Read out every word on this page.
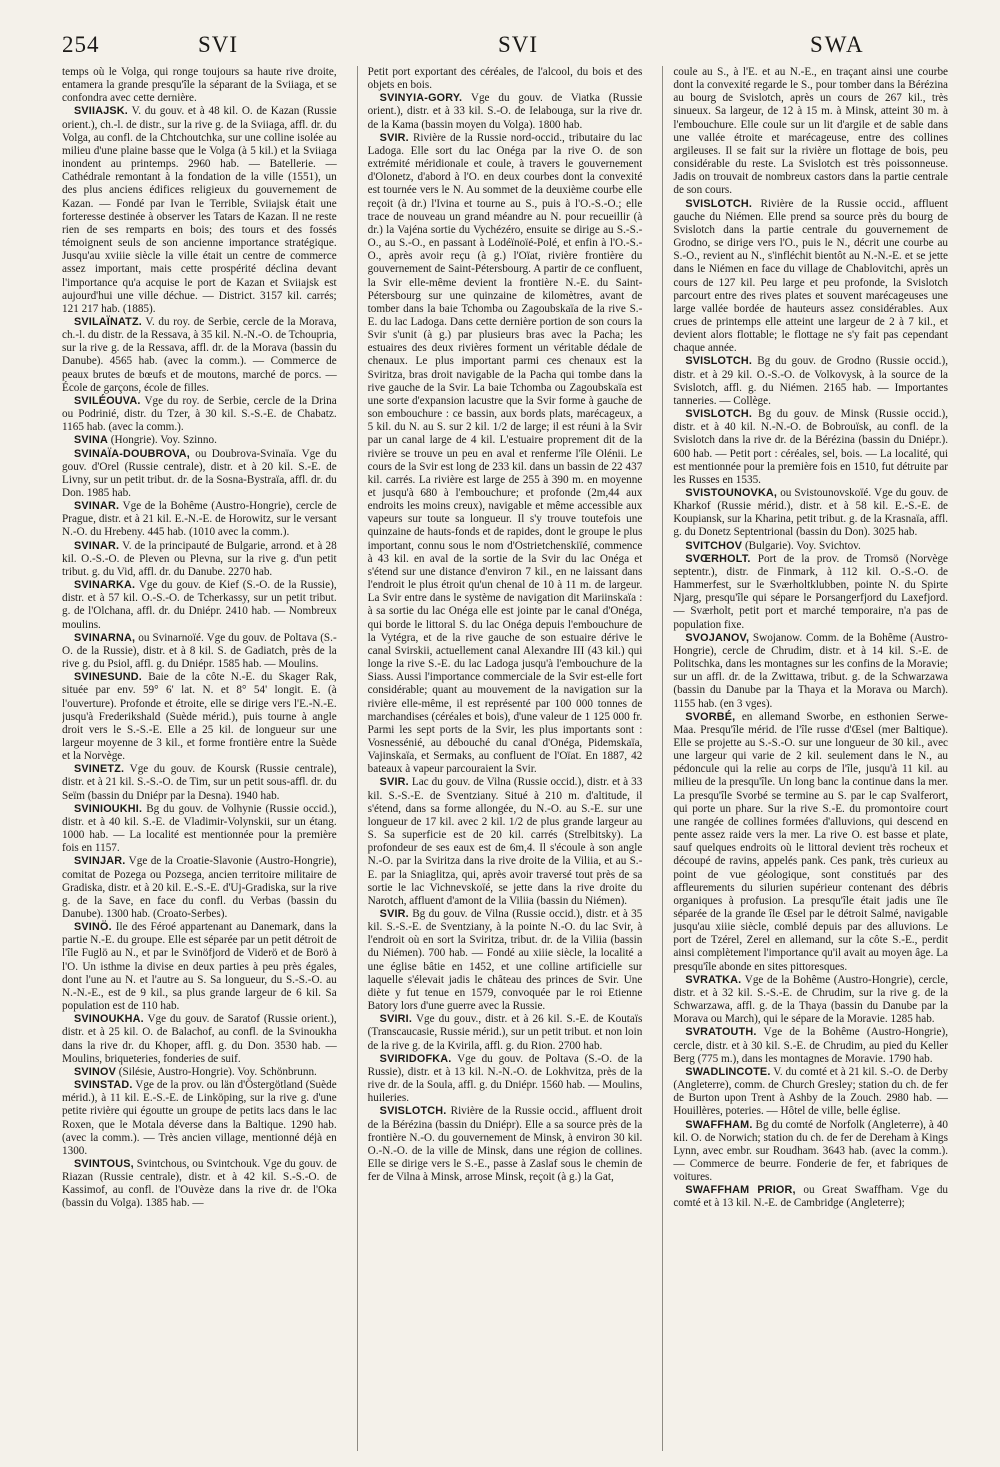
254	SVI	SVI	SWA

temps où le Volga, qui ronge toujours sa haute rive droite, entamera la grande presqu'île la séparant de la Sviiaga, et se confondra avec cette dernière.

SVIIAJSK. V. du gouv. et à 48 kil. O. de Kazan (Russie orient.), ch.-l. de distr., sur la rive g. de la Sviiaga, affl. dr. du Volga, au confl. de la Chtchoutchka, sur une colline isolée au milieu d'une plaine basse que le Volga (à 5 kil.) et la Sviiaga inondent au printemps. 2960 hab. — Batellerie. — Cathédrale remontant à la fondation de la ville (1551), un des plus anciens édifices religieux du gouvernement de Kazan. — Fondé par Ivan le Terrible, Sviiajsk était une forteresse destinée à observer les Tatars de Kazan. Il ne reste rien de ses remparts en bois; des tours et des fossés témoignent seuls de son ancienne importance stratégique. Jusqu'au xviiie siècle la ville était un centre de commerce assez important, mais cette prospérité déclina devant l'importance qu'a acquise le port de Kazan et Sviiajsk est aujourd'hui une ville déchue. — District. 3157 kil. carrés; 121 217 hab. (1885).

SVILAÏNATZ. V. du roy. de Serbie, cercle de la Morava, ch.-l. du distr. de la Ressava, à 35 kil. N.-N.-O. de Tchoupria, sur la rive g. de la Ressava, affl. dr. de la Morava (bassin du Danube). 4565 hab. (avec la comm.). — Commerce de peaux brutes de bœufs et de moutons, marché de porcs. — École de garçons, école de filles.

SVILÉOUVA. Vge du roy. de Serbie, cercle de la Drina ou Podrinié, distr. du Tzer, à 30 kil. S.-S.-E. de Chabatz. 1165 hab. (avec la comm.).

SVINA (Hongrie). Voy. Szinno.

SVINAÏA-DOUBROVA, ou Doubrova-Svinaïa. Vge du gouv. d'Orel (Russie centrale), distr. et à 20 kil. S.-E. de Livny, sur un petit tribut. dr. de la Sosna-Bystraïa, affl. dr. du Don. 1985 hab.

SVINAR. Vge de la Bohême (Austro-Hongrie), cercle de Prague, distr. et à 21 kil. E.-N.-E. de Horowitz, sur le versant N.-O. du Hrebeny. 445 hab. (1010 avec la comm.).

SVINAR. V. de la principauté de Bulgarie, arrond. et à 28 kil. O.-S.-O. de Pleven ou Plevna, sur la rive g. d'un petit tribut. g. du Vid, affl. dr. du Danube. 2270 hab.

SVINARKA. Vge du gouv. de Kief (S.-O. de la Russie), distr. et à 57 kil. O.-S.-O. de Tcherkassy, sur un petit tribut. g. de l'Olchana, affl. dr. du Dniépr. 2410 hab. — Nombreux moulins.

SVINARNA, ou Svinarnoïé. Vge du gouv. de Poltava (S.-O. de la Russie), distr. et à 8 kil. S. de Gadiatch, près de la rive g. du Psiol, affl. g. du Dniépr. 1585 hab. — Moulins.

SVINESUND. Baie de la côte N.-E. du Skager Rak, située par env. 59° 6' lat. N. et 8° 54' longit. E. (à l'ouverture). Profonde et étroite, elle se dirige vers l'E.-N.-E. jusqu'à Frederikshald (Suède mérid.), puis tourne à angle droit vers le S.-S.-E. Elle a 25 kil. de longueur sur une largeur moyenne de 3 kil., et forme frontière entre la Suède et la Norvège.

SVINETZ. Vge du gouv. de Koursk (Russie centrale), distr. et à 21 kil. S.-S.-O. de Tim, sur un petit sous-affl. dr. du Seïm (bassin du Dniépr par la Desna). 1940 hab.

SVINIOUKHI. Bg du gouv. de Volhynie (Russie occid.), distr. et à 40 kil. S.-E. de Vladimir-Volynskii, sur un étang. 1000 hab. — La localité est mentionnée pour la première fois en 1157.

SVINJAR. Vge de la Croatie-Slavonie (Austro-Hongrie), comitat de Pozega ou Pozsega, ancien territoire militaire de Gradiska, distr. et à 20 kil. E.-S.-E. d'Uj-Gradiska, sur la rive g. de la Save, en face du confl. du Verbas (bassin du Danube). 1300 hab. (Croato-Serbes).

SVINÖ. Ile des Féroé appartenant au Danemark, dans la partie N.-E. du groupe. Elle est séparée par un petit détroit de l'île Fuglö au N., et par le Svinöfjord de Viderö et de Borö à l'O. Un isthme la divise en deux parties à peu près égales, dont l'une au N. et l'autre au S. Sa longueur, du S.-S.-O. au N.-N.-E., est de 9 kil., sa plus grande largeur de 6 kil. Sa population est de 110 hab.

SVINOUKHA. Vge du gouv. de Saratof (Russie orient.), distr. et à 25 kil. O. de Balachof, au confl. de la Svinoukha dans la rive dr. du Khoper, affl. g. du Don. 3530 hab. — Moulins, briqueteries, fonderies de suif.

SVINOV (Silésie, Austro-Hongrie). Voy. Schönbrunn.

SVINSTAD. Vge de la prov. ou län d'Östergötland (Suède mérid.), à 11 kil. E.-S.-E. de Linköping, sur la rive g. d'une petite rivière qui égoutte un groupe de petits lacs dans le lac Roxen, que le Motala déverse dans la Baltique. 1290 hab. (avec la comm.). — Très ancien village, mentionné déjà en 1300.

SVINTOUS, Svintchous, ou Svintchouk. Vge du gouv. de Riazan (Russie centrale), distr. et à 42 kil. S.-S.-O. de Kassimof, au confl. de l'Ouvèze dans la rive dr. de l'Oka (bassin du Volga). 1385 hab. —

Petit port exportant des céréales, de l'alcool, du bois et des objets en bois.

SVINYIA-GORY. Vge du gouv. de Viatka (Russie orient.), distr. et à 33 kil. S.-O. de Ielabouga, sur la rive dr. de la Kama (bassin moyen du Volga). 1800 hab.

SVIR. Rivière de la Russie nord-occid., tributaire du lac Ladoga. Elle sort du lac Onéga par la rive O. de son extrémité méridionale et coule, à travers le gouvernement d'Olonetz, d'abord à l'O. en deux courbes dont la convexité est tournée vers le N. Au sommet de la deuxième courbe elle reçoit (à dr.) l'Ivina et tourne au S., puis à l'O.-S.-O.; elle trace de nouveau un grand méandre au N. pour recueillir (à dr.) la Vajéna sortie du Vychézéro, ensuite se dirige au S.-S.-O., au S.-O., en passant à Lodéïnoïé-Polé, et enfin à l'O.-S.-O., après avoir reçu (à g.) l'Oïat, rivière frontière du gouvernement de Saint-Pétersbourg. A partir de ce confluent, la Svir elle-même devient la frontière N.-E. du Saint-Pétersbourg sur une quinzaine de kilomètres, avant de tomber dans la baie Tchomba ou Zagoubskaïa de la rive S.-E. du lac Ladoga. Dans cette dernière portion de son cours la Svir s'unit (à g.) par plusieurs bras avec la Pacha; les estuaires des deux rivières forment un véritable dédale de chenaux. Le plus important parmi ces chenaux est la Sviritza, bras droit navigable de la Pacha qui tombe dans la rive gauche de la Svir. La baie Tchomba ou Zagoubskaïa est une sorte d'expansion lacustre que la Svir forme à gauche de son embouchure : ce bassin, aux bords plats, marécageux, a 5 kil. du N. au S. sur 2 kil. 1/2 de large; il est réuni à la Svir par un canal large de 4 kil. L'estuaire proprement dit de la rivière se trouve un peu en aval et renferme l'île Olénii. Le cours de la Svir est long de 233 kil. dans un bassin de 22 437 kil. carrés. La rivière est large de 255 à 390 m. en moyenne et jusqu'à 680 à l'embouchure; et profonde (2m,44 aux endroits les moins creux), navigable et même accessible aux vapeurs sur toute sa longueur. Il s'y trouve toutefois une quinzaine de hauts-fonds et de rapides, dont le groupe le plus important, connu sous le nom d'Ostrietchenskiïé, commence à 43 kil. en aval de la sortie de la Svir du lac Onéga et s'étend sur une distance d'environ 7 kil., en ne laissant dans l'endroit le plus étroit qu'un chenal de 10 à 11 m. de largeur. La Svir entre dans le système de navigation dit Mariinskaïa : à sa sortie du lac Onéga elle est jointe par le canal d'Onéga, qui borde le littoral S. du lac Onéga depuis l'embouchure de la Vytégra, et de la rive gauche de son estuaire dérive le canal Svirskii, actuellement canal Alexandre III (43 kil.) qui longe la rive S.-E. du lac Ladoga jusqu'à l'embouchure de la Siass. Aussi l'importance commerciale de la Svir est-elle fort considérable; quant au mouvement de la navigation sur la rivière elle-même, il est représenté par 100 000 tonnes de marchandises (céréales et bois), d'une valeur de 1 125 000 fr. Parmi les sept ports de la Svir, les plus importants sont : Vosnessénié, au débouché du canal d'Onéga, Pidemskaïa, Vajinskaïa, et Sermaks, au confluent de l'Oïat. En 1887, 42 bateaux à vapeur parcouraient la Svir.

SVIR. Lac du gouv. de Vilna (Russie occid.), distr. et à 33 kil. S.-S.-E. de Sventziany. Situé à 210 m. d'altitude, il s'étend, dans sa forme allongée, du N.-O. au S.-E. sur une longueur de 17 kil. avec 2 kil. 1/2 de plus grande largeur au S. Sa superficie est de 20 kil. carrés (Strelbitsky). La profondeur de ses eaux est de 6m,4. Il s'écoule à son angle N.-O. par la Sviritza dans la rive droite de la Viliia, et au S.-E. par la Sniaglitza, qui, après avoir traversé tout près de sa sortie le lac Vichnevskoïé, se jette dans la rive droite du Narotch, affluent d'amont de la Viliia (bassin du Niémen).

SVIR. Bg du gouv. de Vilna (Russie occid.), distr. et à 35 kil. S.-S.-E. de Sventziany, à la pointe N.-O. du lac Svir, à l'endroit où en sort la Sviritza, tribut. dr. de la Viliia (bassin du Niémen). 700 hab. — Fondé au xiiie siècle, la localité a une église bâtie en 1452, et une colline artificielle sur laquelle s'élevait jadis le château des princes de Svir. Une diète y fut tenue en 1579, convoquée par le roi Etienne Batory lors d'une guerre avec la Russie.

SVIRI. Vge du gouv., distr. et à 26 kil. S.-E. de Koutaïs (Transcaucasie, Russie mérid.), sur un petit tribut. et non loin de la rive g. de la Kvirila, affl. g. du Rion. 2700 hab.

SVIRIDOFKA. Vge du gouv. de Poltava (S.-O. de la Russie), distr. et à 13 kil. N.-N.-O. de Lokhvitza, près de la rive dr. de la Soula, affl. g. du Dniépr. 1560 hab. — Moulins, huileries.

SVISLOTCH. Rivière de la Russie occid., affluent droit de la Bérézina (bassin du Dniépr). Elle a sa source près de la frontière N.-O. du gouvernement de Minsk, à environ 30 kil. O.-N.-O. de la ville de Minsk, dans une région de collines. Elle se dirige vers le S.-E., passe à Zaslaf sous le chemin de fer de Vilna à Minsk, arrose Minsk, reçoit (à g.) la Gat,

coule au S., à l'E. et au N.-E., en traçant ainsi une courbe dont la convexité regarde le S., pour tomber dans la Bérézina au bourg de Svislotch, après un cours de 267 kil., très sinueux. Sa largeur, de 12 à 15 m. à Minsk, atteint 30 m. à l'embouchure. Elle coule sur un lit d'argile et de sable dans une vallée étroite et marécageuse, entre des collines argileuses. Il se fait sur la rivière un flottage de bois, peu considérable du reste. La Svislotch est très poissonneuse. Jadis on trouvait de nombreux castors dans la partie centrale de son cours.

SVISLOTCH. Rivière de la Russie occid., affluent gauche du Niémen. Elle prend sa source près du bourg de Svislotch dans la partie centrale du gouvernement de Grodno, se dirige vers l'O., puis le N., décrit une courbe au S.-O., revient au N., s'infléchit bientôt au N.-N.-E. et se jette dans le Niémen en face du village de Chablovitchi, après un cours de 127 kil. Peu large et peu profonde, la Svislotch parcourt entre des rives plates et souvent marécageuses une large vallée bordée de hauteurs assez considérables. Aux crues de printemps elle atteint une largeur de 2 à 7 kil., et devient alors flottable; le flottage ne s'y fait pas cependant chaque année.

SVISLOTCH. Bg du gouv. de Grodno (Russie occid.), distr. et à 29 kil. O.-S.-O. de Volkovysk, à la source de la Svislotch, affl. g. du Niémen. 2165 hab. — Importantes tanneries. — Collège.

SVISLOTCH. Bg du gouv. de Minsk (Russie occid.), distr. et à 40 kil. N.-N.-O. de Bobrouïsk, au confl. de la Svislotch dans la rive dr. de la Bérézina (bassin du Dniépr.). 600 hab. — Petit port : céréales, sel, bois. — La localité, qui est mentionnée pour la première fois en 1510, fut détruite par les Russes en 1535.

SVISTOUNOVKA, ou Svistounovskoïé. Vge du gouv. de Kharkof (Russie mérid.), distr. et à 58 kil. E.-S.-E. de Koupiansk, sur la Kharina, petit tribut. g. de la Krasnaïa, affl. g. du Donetz Septentrional (bassin du Don). 3025 hab.

SVITCHOV (Bulgarie). Voy. Svichtov.

SVŒRHOLT. Port de la prov. de Tromsö (Norvège septentr.), distr. de Finmark, à 112 kil. O.-S.-O. de Hammerfest, sur le Sværholtklubben, pointe N. du Spirte Njarg, presqu'île qui sépare le Porsangerfjord du Laxefjord. — Sværholt, petit port et marché temporaire, n'a pas de population fixe.

SVOJANOV, Swojanow. Comm. de la Bohême (Austro-Hongrie), cercle de Chrudim, distr. et à 14 kil. S.-E. de Politschka, dans les montagnes sur les confins de la Moravie; sur un affl. dr. de la Zwittawa, tribut. g. de la Schwarzawa (bassin du Danube par la Thaya et la Morava ou March). 1155 hab. (en 3 vges).

SVORBÉ, en allemand Sworbe, en esthonien Serwe-Maa. Presqu'île mérid. de l'île russe d'Œsel (mer Baltique). Elle se projette au S.-S.-O. sur une longueur de 30 kil., avec une largeur qui varie de 2 kil. seulement dans le N., au pédoncule qui la relie au corps de l'île, jusqu'à 11 kil. au milieu de la presqu'île. Un long banc la continue dans la mer. La presqu'île Svorbé se termine au S. par le cap Svalferort, qui porte un phare. Sur la rive S.-E. du promontoire court une rangée de collines formées d'alluvions, qui descend en pente assez raide vers la mer. La rive O. est basse et plate, sauf quelques endroits où le littoral devient très rocheux et découpé de ravins, appelés pank. Ces pank, très curieux au point de vue géologique, sont constitués par des affleurements du silurien supérieur contenant des débris organiques à profusion. La presqu'île était jadis une île séparée de la grande île Œsel par le détroit Salmé, navigable jusqu'au xiiie siècle, comblé depuis par des alluvions. Le port de Tzérel, Zerel en allemand, sur la côte S.-E., perdit ainsi complètement l'importance qu'il avait au moyen âge. La presqu'île abonde en sites pittoresques.

SVRATKA. Vge de la Bohême (Austro-Hongrie), cercle, distr. et à 32 kil. S.-S.-E. de Chrudim, sur la rive g. de la Schwarzawa, affl. g. de la Thaya (bassin du Danube par la Morava ou March), qui le sépare de la Moravie. 1285 hab.

SVRATOUTH. Vge de la Bohême (Austro-Hongrie), cercle, distr. et à 30 kil. S.-E. de Chrudim, au pied du Keller Berg (775 m.), dans les montagnes de Moravie. 1790 hab.

SWADLINCOTE. V. du comté et à 21 kil. S.-O. de Derby (Angleterre), comm. de Church Gresley; station du ch. de fer de Burton upon Trent à Ashby de la Zouch. 2980 hab. — Houillères, poteries. — Hôtel de ville, belle église.

SWAFFHAM. Bg du comté de Norfolk (Angleterre), à 40 kil. O. de Norwich; station du ch. de fer de Dereham à Kings Lynn, avec embr. sur Roudham. 3643 hab. (avec la comm.). — Commerce de beurre. Fonderie de fer, et fabriques de voitures.

SWAFFHAM PRIOR, ou Great Swaffham. Vge du comté et à 13 kil. N.-E. de Cambridge (Angleterre);
